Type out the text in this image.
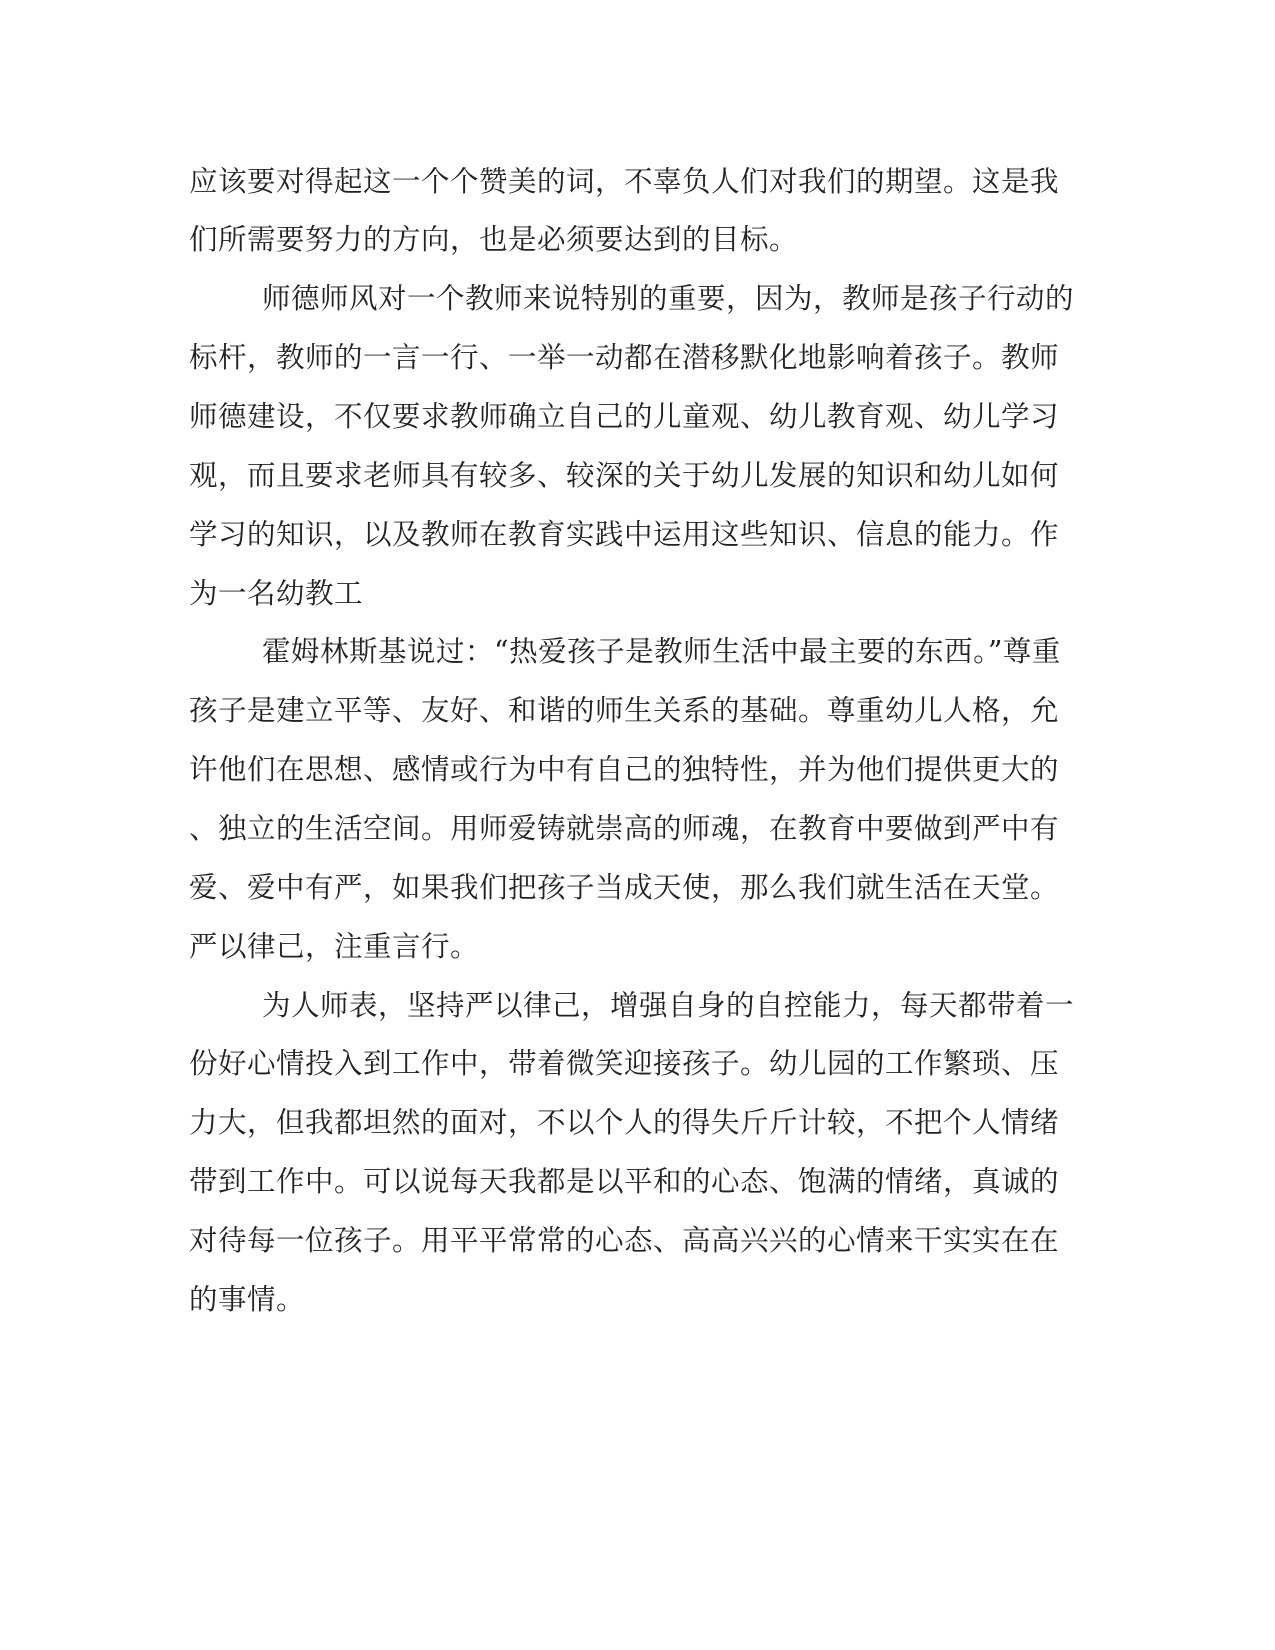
应该要对得起这一个个赞美的词，不辜负人们对我们的期望。这是我
们所需要努力的方向，也是必须要达到的目标。
师德师风对一个教师来说特别的重要，因为，教师是孩子行动的
标杆，教师的一言一行、一举一动都在潜移默化地影响着孩子。教师
师德建设，不仅要求教师确立自己的儿童观、幼儿教育观、幼儿学习
观，而且要求老师具有较多、较深的关于幼儿发展的知识和幼儿如何
学习的知识，以及教师在教育实践中运用这些知识、信息的能力。作
为一名幼教工
霍姆林斯基说过：“热爱孩子是教师生活中最主要的东西。”尊重
孩子是建立平等、友好、和谐的师生关系的基础。尊重幼儿人格，允
许他们在思想、感情或行为中有自己的独特性，并为他们提供更大的
、独立的生活空间。用师爱铸就崇高的师魂，在教育中要做到严中有
爱、爱中有严，如果我们把孩子当成天使，那么我们就生活在天堂。
严以律己，注重言行。
为人师表，坚持严以律己，增强自身的自控能力，每天都带着一
份好心情投入到工作中，带着微笑迎接孩子。幼儿园的工作繁琐、压
力大，但我都坦然的面对，不以个人的得失斤斤计较，不把个人情绪
带到工作中。可以说每天我都是以平和的心态、饱满的情绪，真诚的
对待每一位孩子。用平平常常的心态、高高兴兴的心情来干实实在在
的事情。
